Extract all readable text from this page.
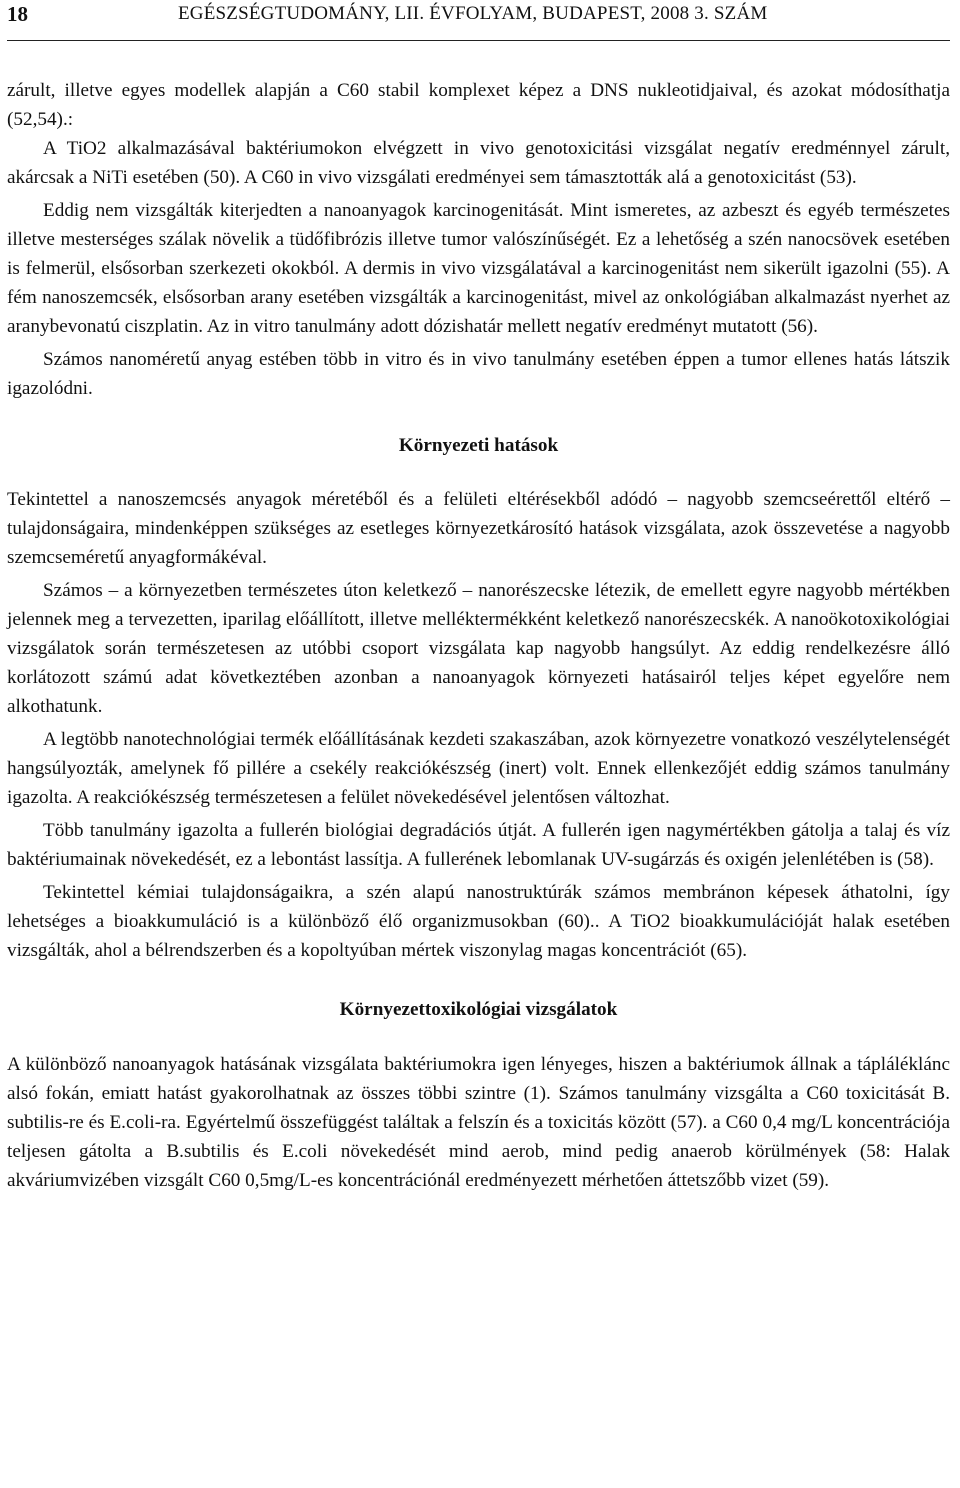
18	EGÉSZSÉGTUDOMÁNY, LII. ÉVFOLYAM, BUDAPEST, 2008 3. SZÁM

zárult, illetve egyes modellek alapján a C60 stabil komplexet képez a DNS nukleotidjaival, és azokat módosíthatja (52,54).:

A TiO2 alkalmazásával baktériumokon elvégzett in vivo genotoxicitási vizsgálat negatív eredménnyel zárult, akárcsak a NiTi esetében (50). A C60 in vivo vizsgálati eredményei sem támasztották alá a genotoxicitást (53).

Eddig nem vizsgálták kiterjedten a nanoanyagok karcinogenitását. Mint ismeretes, az azbeszt és egyéb természetes illetve mesterséges szálak növelik a tüdőfibrózis illetve tumor valószínűségét. Ez a lehetőség a szén nanocsövek esetében is felmerül, elsősorban szerkezeti okokból. A dermis in vivo vizsgálatával a karcinogenitást nem sikerült igazolni (55). A fém nanoszemcsék, elsősorban arany esetében vizsgálták a karcinogenitást, mivel az onkológiában alkalmazást nyerhet az aranybevonatú ciszplatin. Az in vitro tanulmány adott dózishatár mellett negatív eredményt mutatott (56).

Számos nanoméretű anyag estében több in vitro és in vivo tanulmány esetében éppen a tumor ellenes hatás látszik igazolódni.

Környezeti hatások

Tekintettel a nanoszemcsés anyagok méretéből és a felületi eltérésekből adódó – nagyobb szemcseérettől eltérő – tulajdonságaira, mindenképpen szükséges az esetleges környezetkárosító hatások vizsgálata, azok összevetése a nagyobb szemcseméretű anyagformákéval.

Számos – a környezetben természetes úton keletkező – nanorészecske létezik, de emellett egyre nagyobb mértékben jelennek meg a tervezetten, iparilag előállított, illetve melléktermékként keletkező nanorészecskék. A nanoökotoxikológiai vizsgálatok során természetesen az utóbbi csoport vizsgálata kap nagyobb hangsúlyt. Az eddig rendelkezésre álló korlátozott számú adat következtében azonban a nanoanyagok környezeti hatásairól teljes képet egyelőre nem alkothatunk.

A legtöbb nanotechnológiai termék előállításának kezdeti szakaszában, azok környezetre vonatkozó veszélytelenségét hangsúlyozták, amelynek fő pillére a csekély reakciókészség (inert) volt. Ennek ellenkezőjét eddig számos tanulmány igazolta. A reakciókészség természetesen a felület növekedésével jelentősen változhat.

Több tanulmány igazolta a fullerén biológiai degradációs útját. A fullerén igen nagymértékben gátolja a talaj és víz baktériumainak növekedését, ez a lebontást lassítja. A fullerének lebomlanak UV-sugárzás és oxigén jelenlétében is (58).

Tekintettel kémiai tulajdonságaikra, a szén alapú nanostruktúrák számos membránon képesek áthatolni, így lehetséges a bioakkumuláció is a különböző élő organizmusokban (60).. A TiO2 bioakkumulációját halak esetében vizsgálták, ahol a bélrendszerben és a kopoltyúban mértek viszonylag magas koncentrációt (65).

Környezettoxikológiai vizsgálatok

A különböző nanoanyagok hatásának vizsgálata baktériumokra igen lényeges, hiszen a baktériumok állnak a tápláléklánc alsó fokán, emiatt hatást gyakorolhatnak az összes többi szintre (1). Számos tanulmány vizsgálta a C60 toxicitását B. subtilis-re és E.coli-ra. Egyértelmű összefüggést találtak a felszín és a toxicitás között (57). a C60 0,4 mg/L koncentrációja teljesen gátolta a B.subtilis és E.coli növekedését mind aerob, mind pedig anaerob körülmények (58: Halak akváriumvizében vizsgált C60 0,5mg/L-es koncentrációnál eredményezett mérhetően áttetszőbb vizet (59).
